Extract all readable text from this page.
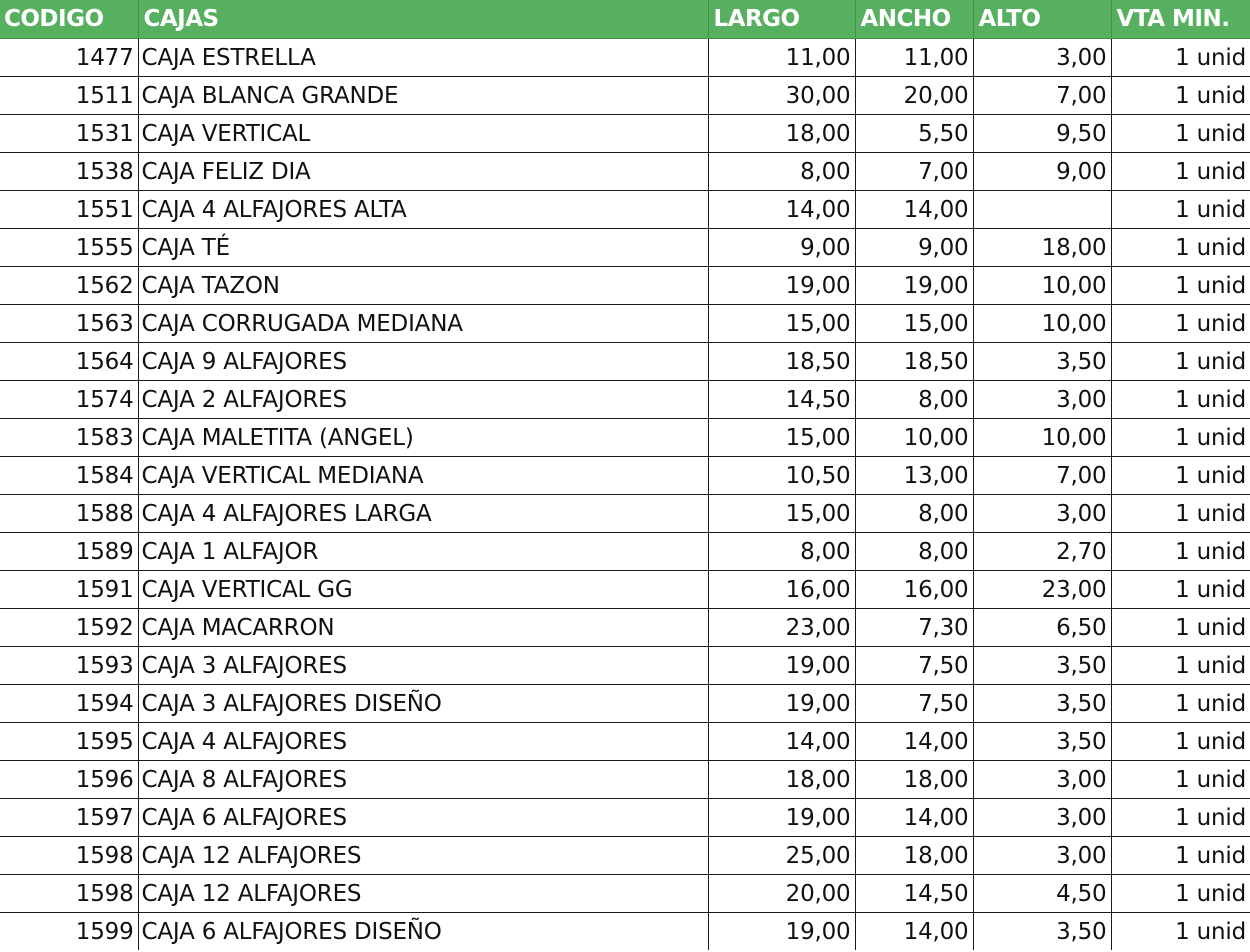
CODIGO	CAJAS	LARGO	ANCHO	ALTO	VTA MIN.
1477	CAJA ESTRELLA	11,00	11,00	3,00	1 unid
1511	CAJA BLANCA GRANDE	30,00	20,00	7,00	1 unid
1531	CAJA VERTICAL	18,00	5,50	9,50	1 unid
1538	CAJA FELIZ DIA	8,00	7,00	9,00	1 unid
1551	CAJA 4 ALFAJORES ALTA	14,00	14,00		1 unid
1555	CAJA TÉ	9,00	9,00	18,00	1 unid
1562	CAJA TAZON	19,00	19,00	10,00	1 unid
1563	CAJA CORRUGADA MEDIANA	15,00	15,00	10,00	1 unid
1564	CAJA 9 ALFAJORES	18,50	18,50	3,50	1 unid
1574	CAJA 2 ALFAJORES	14,50	8,00	3,00	1 unid
1583	CAJA MALETITA (ANGEL)	15,00	10,00	10,00	1 unid
1584	CAJA VERTICAL MEDIANA	10,50	13,00	7,00	1 unid
1588	CAJA 4 ALFAJORES LARGA	15,00	8,00	3,00	1 unid
1589	CAJA 1 ALFAJOR	8,00	8,00	2,70	1 unid
1591	CAJA VERTICAL GG	16,00	16,00	23,00	1 unid
1592	CAJA MACARRON	23,00	7,30	6,50	1 unid
1593	CAJA 3 ALFAJORES	19,00	7,50	3,50	1 unid
1594	CAJA 3 ALFAJORES DISEÑO	19,00	7,50	3,50	1 unid
1595	CAJA 4 ALFAJORES	14,00	14,00	3,50	1 unid
1596	CAJA 8 ALFAJORES	18,00	18,00	3,00	1 unid
1597	CAJA 6 ALFAJORES	19,00	14,00	3,00	1 unid
1598	CAJA 12 ALFAJORES	25,00	18,00	3,00	1 unid
1598	CAJA 12 ALFAJORES	20,00	14,50	4,50	1 unid
1599	CAJA 6 ALFAJORES DISEÑO	19,00	14,00	3,50	1 unid
